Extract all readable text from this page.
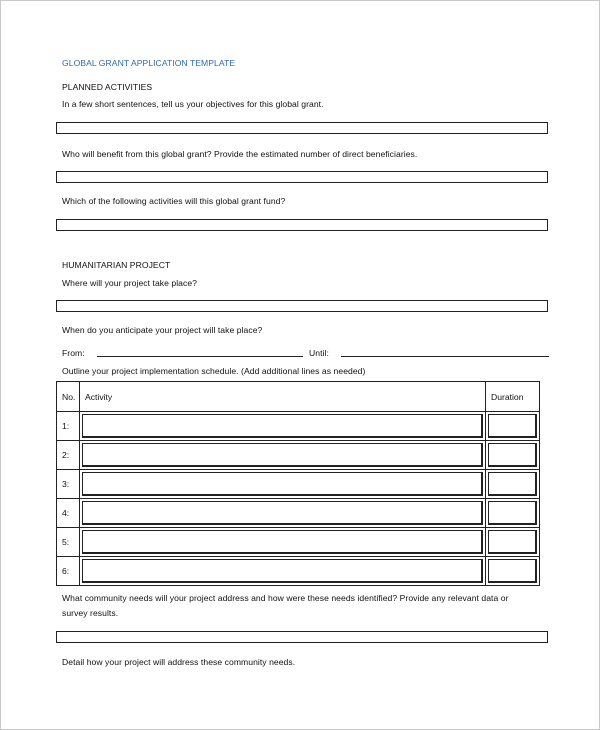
GLOBAL GRANT APPLICATION TEMPLATE
PLANNED ACTIVITIES
In a few short sentences, tell us your objectives for this global grant.
Who will benefit from this global grant? Provide the estimated number of direct beneficiaries.
Which of the following activities will this global grant fund?
HUMANITARIAN PROJECT
Where will your project take place?
When do you anticipate your project will take place?
From:	Until:
Outline your project implementation schedule. (Add additional lines as needed)
No.	Activity	Duration
1:	

2:	

3:	

4:	

5:	

6:	

What community needs will your project address and how were these needs identified? Provide any relevant data or
survey results.
Detail how your project will address these community needs.
